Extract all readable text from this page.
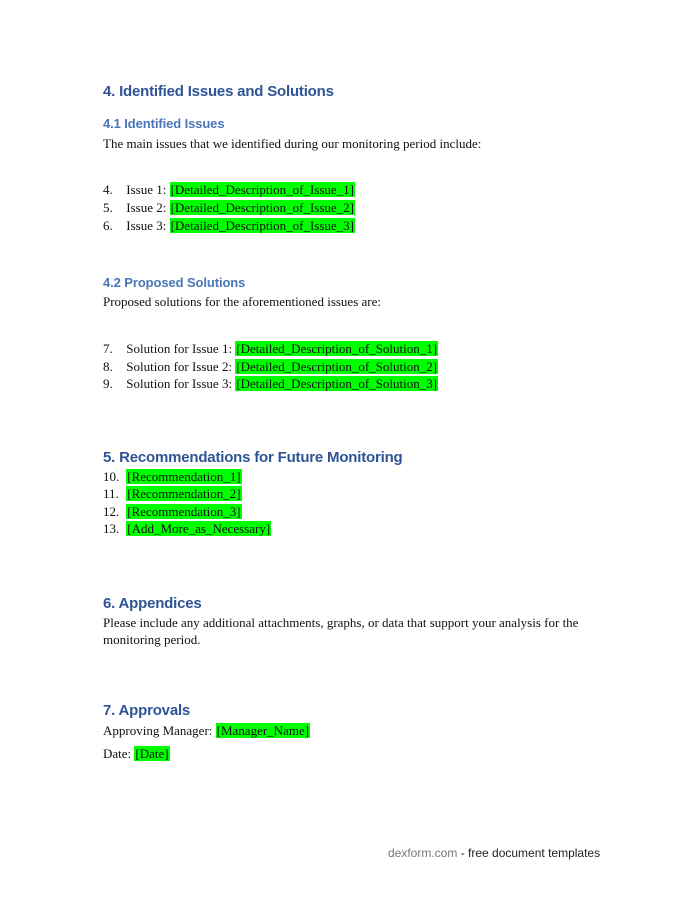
4. Identified Issues and Solutions
4.1 Identified Issues
The main issues that we identified during our monitoring period include:
4. Issue 1: [Detailed_Description_of_Issue_1]
5. Issue 2: [Detailed_Description_of_Issue_2]
6. Issue 3: [Detailed_Description_of_Issue_3]
4.2 Proposed Solutions
Proposed solutions for the aforementioned issues are:
7. Solution for Issue 1: [Detailed_Description_of_Solution_1]
8. Solution for Issue 2: [Detailed_Description_of_Solution_2]
9. Solution for Issue 3: [Detailed_Description_of_Solution_3]
5. Recommendations for Future Monitoring
10. [Recommendation_1]
11. [Recommendation_2]
12. [Recommendation_3]
13. [Add_More_as_Necessary]
6. Appendices
Please include any additional attachments, graphs, or data that support your analysis for the
monitoring period.
7. Approvals
Approving Manager: [Manager_Name]
Date: [Date]
dexform.com - free document templates
